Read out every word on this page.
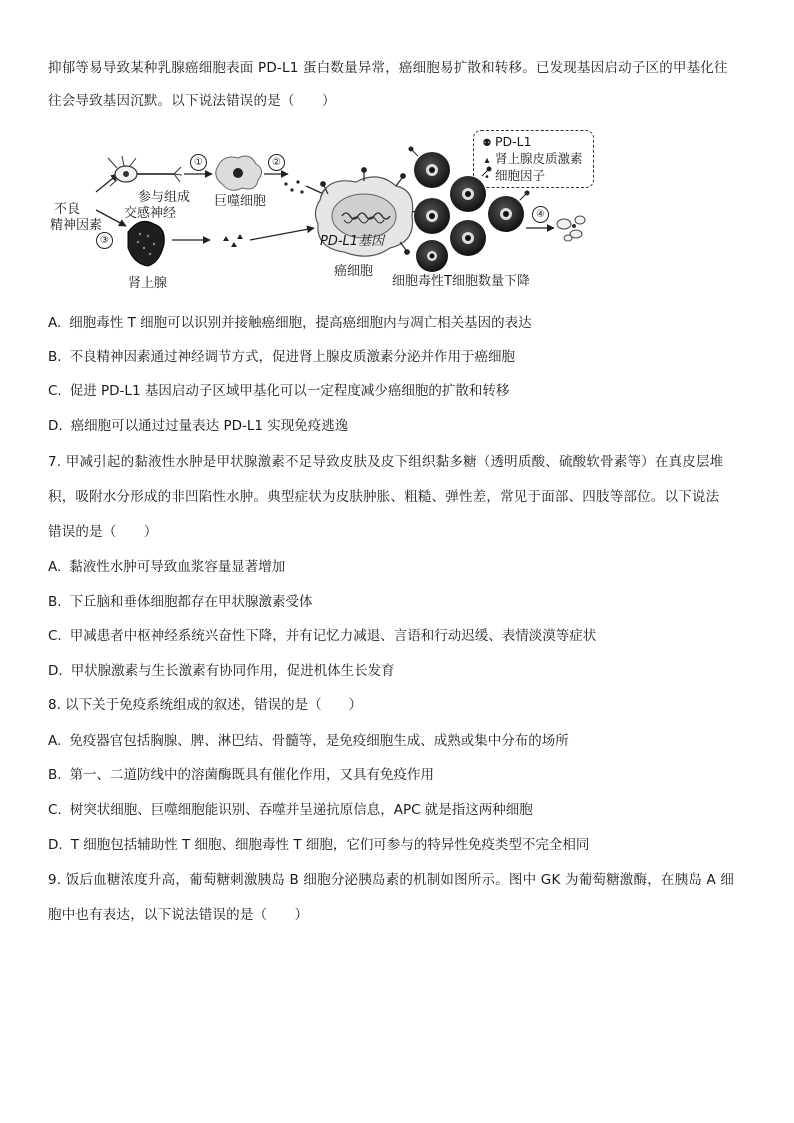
抑郁等易导致某种乳腺癌细胞表面 PD-L1 蛋白数量异常，癌细胞易扩散和转移。已发现基因启动子区的甲基化往
往会导致基因沉默。以下说法错误的是（　　）
①	②
③
④
不良
精神因素
参与组成
交感神经
巨噬细胞
肾上腺
PD-L1基因
癌细胞
细胞毒性T细胞数量下降
⚉ PD-L1
▴ 肾上腺皮质激素
• 细胞因子
A. 细胞毒性 T 细胞可以识别并接触癌细胞，提高癌细胞内与凋亡相关基因的表达
B. 不良精神因素通过神经调节方式，促进肾上腺皮质激素分泌并作用于癌细胞
C. 促进 PD-L1 基因启动子区域甲基化可以一定程度减少癌细胞的扩散和转移
D. 癌细胞可以通过过量表达 PD-L1 实现免疫逃逸
7. 甲减引起的黏液性水肿是甲状腺激素不足导致皮肤及皮下组织黏多糖（透明质酸、硫酸软骨素等）在真皮层堆
积，吸附水分形成的非凹陷性水肿。典型症状为皮肤肿胀、粗糙、弹性差，常见于面部、四肢等部位。以下说法
错误的是（　　）
A. 黏液性水肿可导致血浆容量显著增加
B. 下丘脑和垂体细胞都存在甲状腺激素受体
C. 甲减患者中枢神经系统兴奋性下降，并有记忆力减退、言语和行动迟缓、表情淡漠等症状
D. 甲状腺激素与生长激素有协同作用，促进机体生长发育
8. 以下关于免疫系统组成的叙述，错误的是（　　）
A. 免疫器官包括胸腺、脾、淋巴结、骨髓等，是免疫细胞生成、成熟或集中分布的场所
B. 第一、二道防线中的溶菌酶既具有催化作用，又具有免疫作用
C. 树突状细胞、巨噬细胞能识别、吞噬并呈递抗原信息，APC 就是指这两种细胞
D. T 细胞包括辅助性 T 细胞、细胞毒性 T 细胞，它们可参与的特异性免疫类型不完全相同
9. 饭后血糖浓度升高，葡萄糖刺激胰岛 B 细胞分泌胰岛素的机制如图所示。图中 GK 为葡萄糖激酶，在胰岛 A 细
胞中也有表达，以下说法错误的是（　　）
